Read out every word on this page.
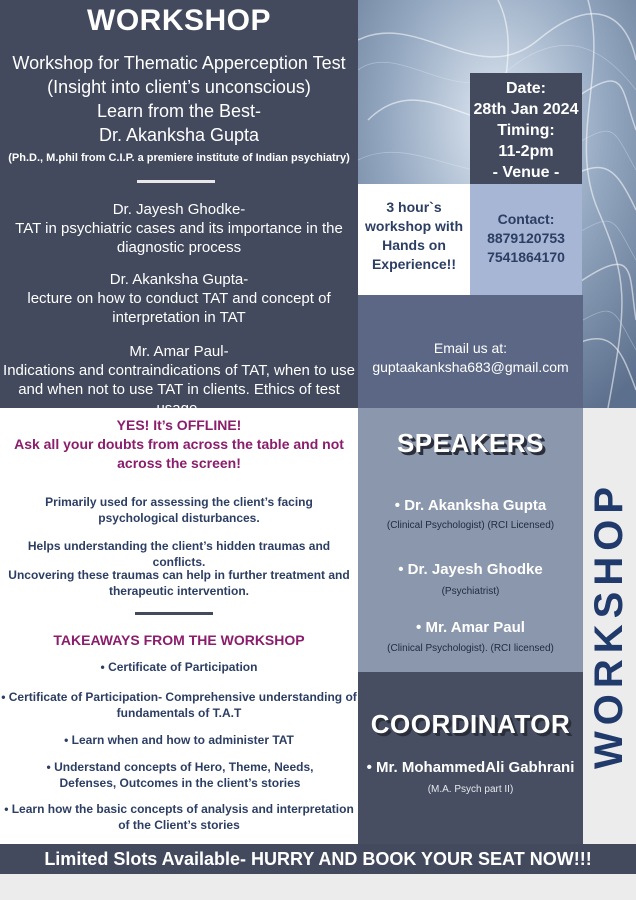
WORKSHOP
Workshop for Thematic Apperception Test
(Insight into client’s unconscious)
Learn from the Best-
Dr. Akanksha Gupta
(Ph.D., M.phil from C.I.P. a premiere institute of Indian psychiatry)
Dr. Jayesh Ghodke-
TAT in psychiatric cases and its importance in the diagnostic process
Dr. Akanksha Gupta-
lecture on how to conduct TAT and concept of interpretation in TAT
Mr. Amar Paul-
Indications and contraindications of TAT, when to use and when not to use TAT in clients. Ethics of test usage.
Date:
28th Jan 2024
Timing:
11-2pm
- Venue -
3 hour`s workshop with Hands on Experience!!
Contact:
8879120753
7541864170
Email us at:
guptaakanksha683@gmail.com
YES! It’s OFFLINE!
Ask all your doubts from across the table and not across the screen!
Primarily used for assessing the client’s facing psychological disturbances.
Helps understanding the client’s hidden traumas and conflicts.
Uncovering these traumas can help in further treatment and therapeutic intervention.
TAKEAWAYS FROM THE WORKSHOP
• Certificate of Participation
• Certificate of Participation- Comprehensive understanding of fundamentals of T.A.T
• Learn when and how to administer TAT
• Understand concepts of Hero, Theme, Needs, Defenses, Outcomes in the client’s stories
• Learn how the basic concepts of analysis and interpretation of the Client’s stories
SPEAKERS
• Dr. Akanksha Gupta
(Clinical Psychologist) (RCI Licensed)
• Dr. Jayesh Ghodke
(Psychiatrist)
• Mr. Amar Paul
(Clinical Psychologist). (RCI licensed)
COORDINATOR
• Mr. MohammedAli Gabhrani
(M.A. Psych part II)
WORKSHOP
Limited Slots Available- HURRY AND BOOK YOUR SEAT NOW!!!
